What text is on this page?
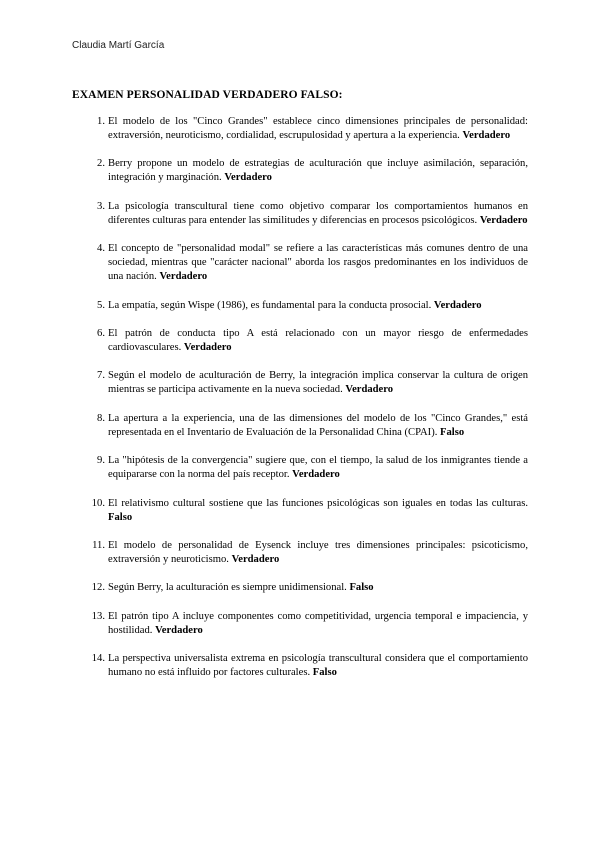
Claudia Martí García
EXAMEN PERSONALIDAD VERDADERO FALSO:
1. El modelo de los "Cinco Grandes" establece cinco dimensiones principales de personalidad: extraversión, neuroticismo, cordialidad, escrupulosidad y apertura a la experiencia. Verdadero
2. Berry propone un modelo de estrategias de aculturación que incluye asimilación, separación, integración y marginación. Verdadero
3. La psicología transcultural tiene como objetivo comparar los comportamientos humanos en diferentes culturas para entender las similitudes y diferencias en procesos psicológicos. Verdadero
4. El concepto de "personalidad modal" se refiere a las características más comunes dentro de una sociedad, mientras que "carácter nacional" aborda los rasgos predominantes en los individuos de una nación. Verdadero
5. La empatía, según Wispe (1986), es fundamental para la conducta prosocial. Verdadero
6. El patrón de conducta tipo A está relacionado con un mayor riesgo de enfermedades cardiovasculares. Verdadero
7. Según el modelo de aculturación de Berry, la integración implica conservar la cultura de origen mientras se participa activamente en la nueva sociedad. Verdadero
8. La apertura a la experiencia, una de las dimensiones del modelo de los "Cinco Grandes," está representada en el Inventario de Evaluación de la Personalidad China (CPAI). Falso
9. La "hipótesis de la convergencia" sugiere que, con el tiempo, la salud de los inmigrantes tiende a equipararse con la norma del país receptor. Verdadero
10. El relativismo cultural sostiene que las funciones psicológicas son iguales en todas las culturas. Falso
11. El modelo de personalidad de Eysenck incluye tres dimensiones principales: psicoticismo, extraversión y neuroticismo. Verdadero
12. Según Berry, la aculturación es siempre unidimensional. Falso
13. El patrón tipo A incluye componentes como competitividad, urgencia temporal e impaciencia, y hostilidad. Verdadero
14. La perspectiva universalista extrema en psicología transcultural considera que el comportamiento humano no está influido por factores culturales. Falso
